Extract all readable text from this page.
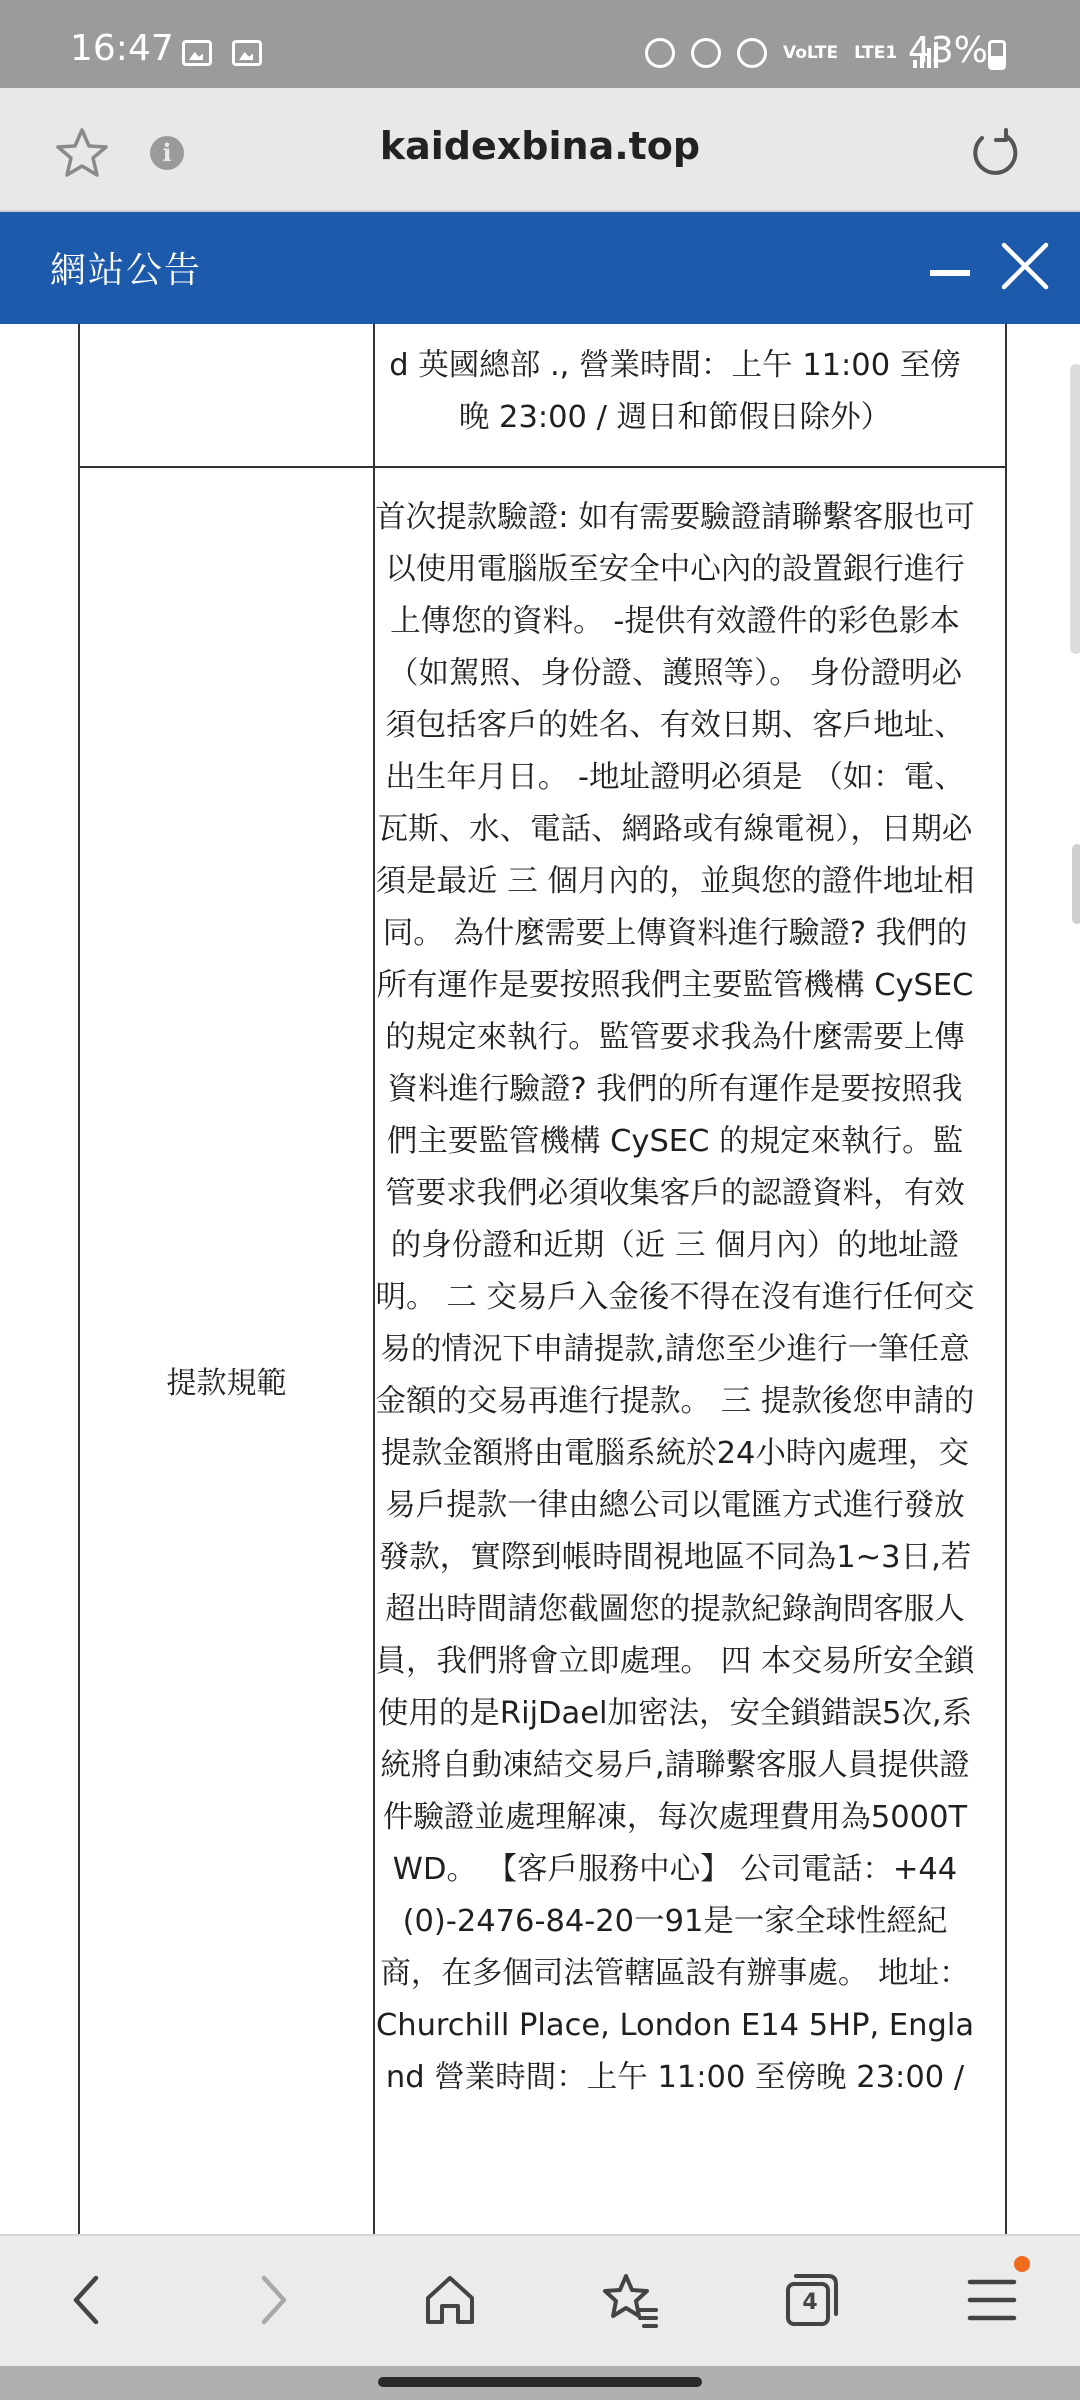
16:47	VoLTE LTE1 43%
i	kaidexbina.top
網站公告
d 英國總部 ., 營業時間：上午 11:00 至傍晚 23:00 / 週日和節假日除外）
提款規範
首次提款驗證: 如有需要驗證請聯繫客服也可以使用電腦版至安全中心內的設置銀行進行上傳您的資料。 -提供有效證件的彩色影本（如駕照、身份證、護照等）。 身份證明必須包括客戶的姓名、有效日期、客戶地址、出生年月日。 -地址證明必須是 （如：電、瓦斯、水、電話、網路或有線電視），日期必須是最近 三 個月內的，並與您的證件地址相同。 為什麼需要上傳資料進行驗證? 我們的所有運作是要按照我們主要監管機構 CySEC 的規定來執行。監管要求我為什麼需要上傳資料進行驗證? 我們的所有運作是要按照我們主要監管機構 CySEC 的規定來執行。監管要求我們必須收集客戶的認證資料，有效的身份證和近期（近 三 個月內）的地址證明。 二 交易戶入金後不得在沒有進行任何交易的情況下申請提款,請您至少進行一筆任意金額的交易再進行提款。 三 提款後您申請的提款金額將由電腦系統於24小時內處理，交易戶提款一律由總公司以電匯方式進行發放發款，實際到帳時間視地區不同為1~3日,若超出時間請您截圖您的提款紀錄詢問客服人員，我們將會立即處理。 四 本交易所安全鎖使用的是RijDael加密法，安全鎖錯誤5次,系統將自動凍結交易戶,請聯繫客服人員提供證件驗證並處理解凍，每次處理費用為5000TWD。 【客戶服務中心】 公司電話：+44(0)-2476-84-20一91是一家全球性經紀商，在多個司法管轄區設有辦事處。 地址：Churchill Place, London E14 5HP, England 營業時間：上午 11:00 至傍晚 23:00 /
4
